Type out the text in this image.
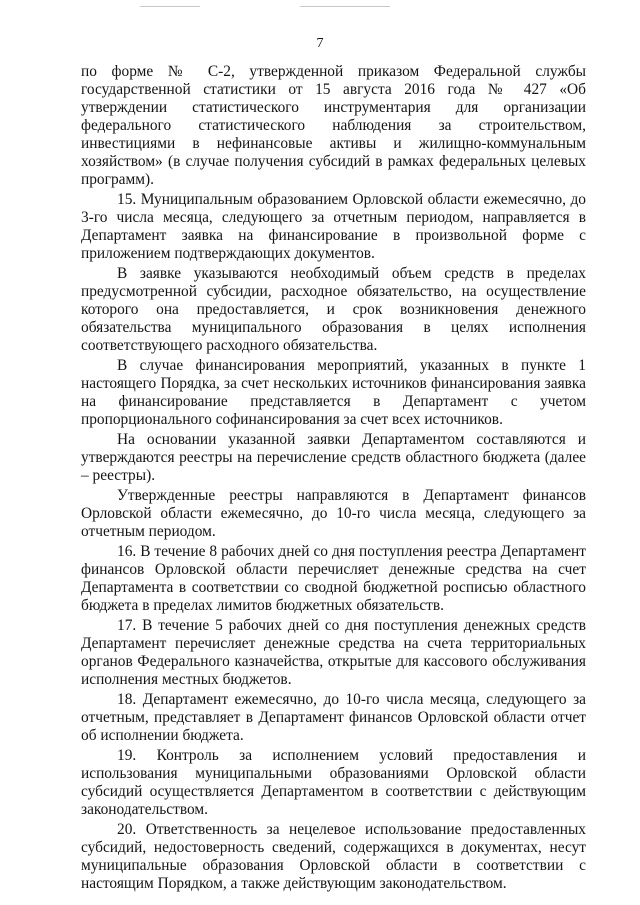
7

по форме № С-2, утвержденной приказом Федеральной службы государственной статистики от 15 августа 2016 года № 427 «Об утверждении статистического инструментария для организации федерального статистического наблюдения за строительством, инвестициями в нефинансовые активы и жилищно-коммунальным хозяйством» (в случае получения субсидий в рамках федеральных целевых программ).

15. Муниципальным образованием Орловской области ежемесячно, до 3-го числа месяца, следующего за отчетным периодом, направляется в Департамент заявка на финансирование в произвольной форме с приложением подтверждающих документов.

В заявке указываются необходимый объем средств в пределах предусмотренной субсидии, расходное обязательство, на осуществление которого она предоставляется, и срок возникновения денежного обязательства муниципального образования в целях исполнения соответствующего расходного обязательства.

В случае финансирования мероприятий, указанных в пункте 1 настоящего Порядка, за счет нескольких источников финансирования заявка на финансирование представляется в Департамент с учетом пропорционального софинансирования за счет всех источников.

На основании указанной заявки Департаментом составляются и утверждаются реестры на перечисление средств областного бюджета (далее – реестры).

Утвержденные реестры направляются в Департамент финансов Орловской области ежемесячно, до 10-го числа месяца, следующего за отчетным периодом.

16. В течение 8 рабочих дней со дня поступления реестра Департамент финансов Орловской области перечисляет денежные средства на счет Департамента в соответствии со сводной бюджетной росписью областного бюджета в пределах лимитов бюджетных обязательств.

17. В течение 5 рабочих дней со дня поступления денежных средств Департамент перечисляет денежные средства на счета территориальных органов Федерального казначейства, открытые для кассового обслуживания исполнения местных бюджетов.

18. Департамент ежемесячно, до 10-го числа месяца, следующего за отчетным, представляет в Департамент финансов Орловской области отчет об исполнении бюджета.

19. Контроль за исполнением условий предоставления и использования муниципальными образованиями Орловской области субсидий осуществляется Департаментом в соответствии с действующим законодательством.

20. Ответственность за нецелевое использование предоставленных субсидий, недостоверность сведений, содержащихся в документах, несут муниципальные образования Орловской области в соответствии с настоящим Порядком, а также действующим законодательством.
